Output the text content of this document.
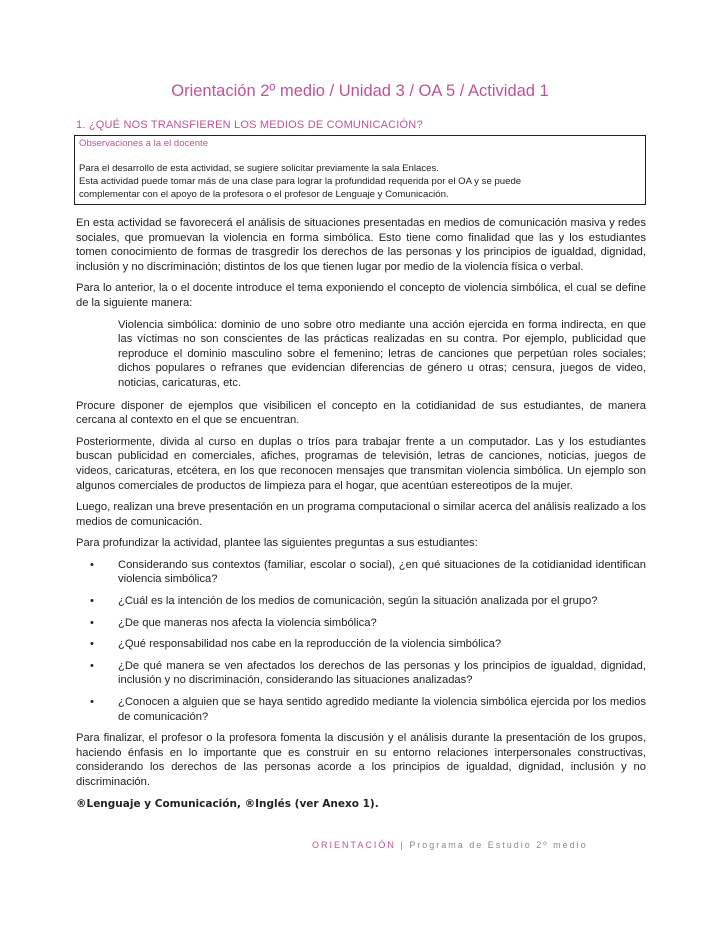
Orientación 2º medio / Unidad 3 / OA 5 / Actividad 1
1. ¿QUÉ NOS TRANSFIEREN LOS MEDIOS DE COMUNICACIÓN?
Observaciones a la el docente
Para el desarrollo de esta actividad, se sugiere solicitar previamente la sala Enlaces.
Esta actividad puede tomar más de una clase para lograr la profundidad requerida por el OA y se puede
complementar con el apoyo de la profesora o el profesor de Lenguaje y Comunicación.

En esta actividad se favorecerá el análisis de situaciones presentadas en medios de comunicación masiva y redes sociales, que promuevan la violencia en forma simbólica. Esto tiene como finalidad que las y los estudiantes tomen conocimiento de formas de trasgredir los derechos de las personas y los principios de igualdad, dignidad, inclusión y no discriminación; distintos de los que tienen lugar por medio de la violencia física o verbal.

Para lo anterior, la o el docente introduce el tema exponiendo el concepto de violencia simbólica, el cual se define de la siguiente manera:

Violencia simbólica: dominio de uno sobre otro mediante una acción ejercida en forma indirecta, en que las víctimas no son conscientes de las prácticas realizadas en su contra. Por ejemplo, publicidad que reproduce el dominio masculino sobre el femenino; letras de canciones que perpetúan roles sociales; dichos populares o refranes que evidencian diferencias de género u otras; censura, juegos de video, noticias, caricaturas, etc.

Procure disponer de ejemplos que visibilicen el concepto en la cotidianidad de sus estudiantes, de manera cercana al contexto en el que se encuentran.

Posteriormente, divida al curso en duplas o tríos para trabajar frente a un computador. Las y los estudiantes buscan publicidad en comerciales, afiches, programas de televisión, letras de canciones, noticias, juegos de videos, caricaturas, etcétera, en los que reconocen mensajes que transmitan violencia simbólica. Un ejemplo son algunos comerciales de productos de limpieza para el hogar, que acentúan estereotipos de la mujer.

Luego, realizan una breve presentación en un programa computacional o similar acerca del análisis realizado a los medios de comunicación.

Para profundizar la actividad, plantee las siguientes preguntas a sus estudiantes:

• Considerando sus contextos (familiar, escolar o social), ¿en qué situaciones de la cotidianidad identifican violencia simbólica?
• ¿Cuál es la intención de los medios de comunicación, según la situación analizada por el grupo?
• ¿De que maneras nos afecta la violencia simbólica?
• ¿Qué responsabilidad nos cabe en la reproducción de la violencia simbólica?
• ¿De qué manera se ven afectados los derechos de las personas y los principios de igualdad, dignidad, inclusión y no discriminación, considerando las situaciones analizadas?
• ¿Conocen a alguien que se haya sentido agredido mediante la violencia simbólica ejercida por los medios de comunicación?

Para finalizar, el profesor o la profesora fomenta la discusión y el análisis durante la presentación de los grupos, haciendo énfasis en lo importante que es construir en su entorno relaciones interpersonales constructivas, considerando los derechos de las personas acorde a los principios de igualdad, dignidad, inclusión y no discriminación.

®Lenguaje y Comunicación, ®Inglés (ver Anexo 1).

ORIENTACIÓN | Programa de Estudio 2º medio
